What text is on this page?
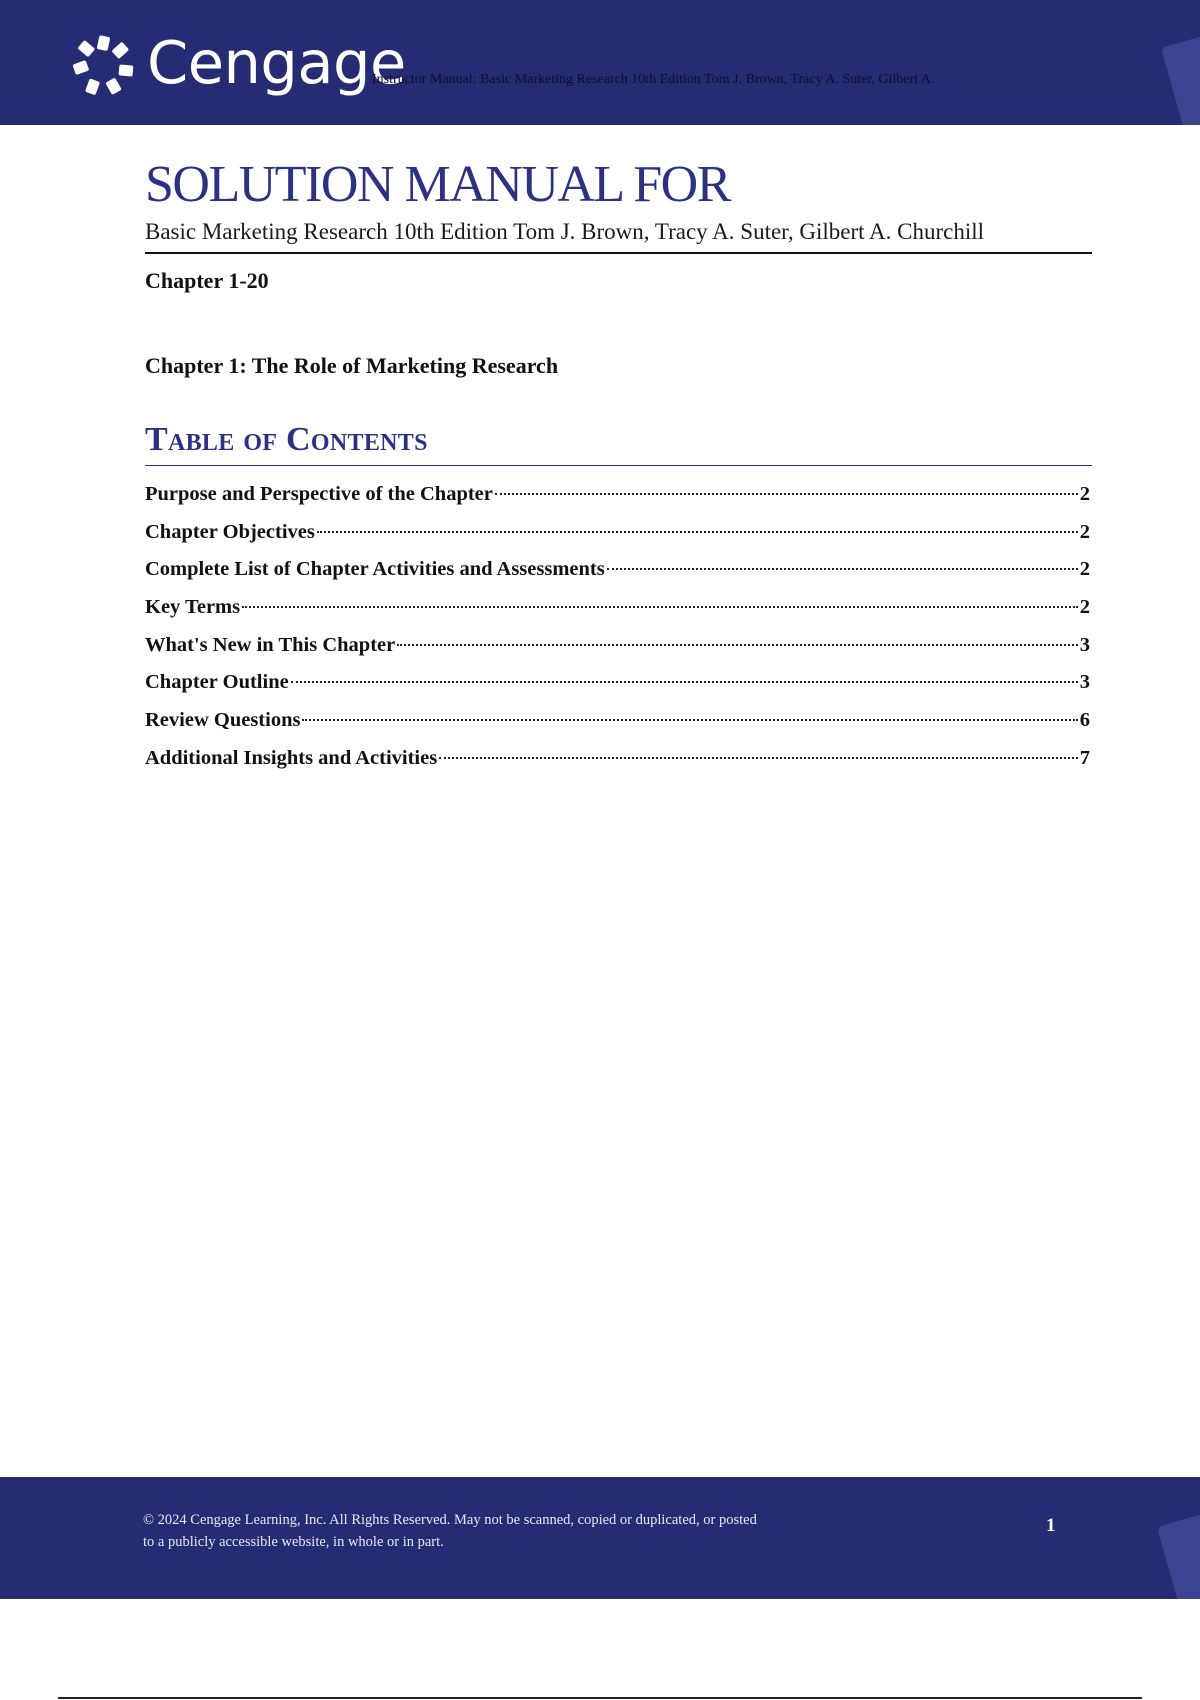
Cengage
Instructor Manual: Basic Marketing Research 10th Edition Tom J. Brown, Tracy A. Suter, Gilbert A.
SOLUTION MANUAL FOR
Basic Marketing Research 10th Edition Tom J. Brown, Tracy A. Suter, Gilbert A. Churchill
Chapter 1-20
Chapter 1: The Role of Marketing Research
Table of Contents
Purpose and Perspective of the Chapter	2
Chapter Objectives	2
Complete List of Chapter Activities and Assessments	2
Key Terms	2
What's New in This Chapter	3
Chapter Outline	3
Review Questions	6
Additional Insights and Activities	7
© 2024 Cengage Learning, Inc. All Rights Reserved. May not be scanned, copied or duplicated, or posted
to a publicly accessible website, in whole or in part.
1
